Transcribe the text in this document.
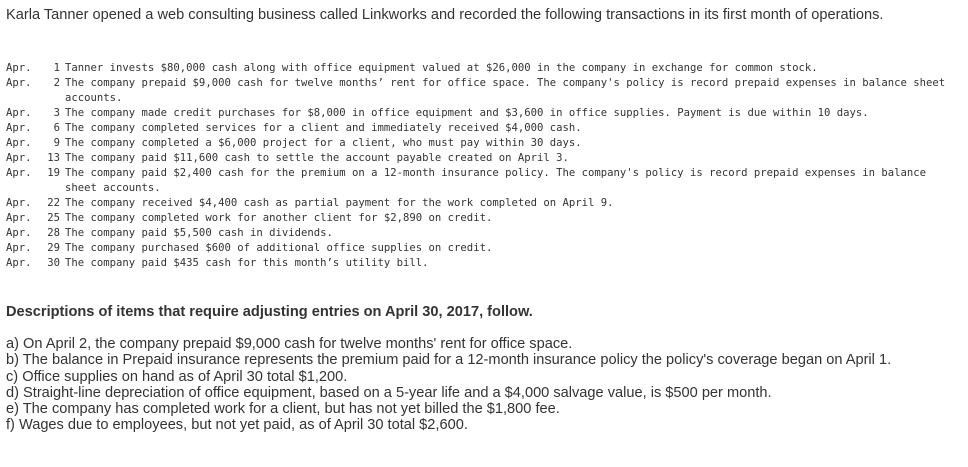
Karla Tanner opened a web consulting business called Linkworks and recorded the following transactions in its first month of operations.

Apr. 1 Tanner invests $80,000 cash along with office equipment valued at $26,000 in the company in exchange for common stock.
Apr. 2 The company prepaid $9,000 cash for twelve months’ rent for office space. The company's policy is record prepaid expenses in balance sheet accounts.
Apr. 3 The company made credit purchases for $8,000 in office equipment and $3,600 in office supplies. Payment is due within 10 days.
Apr. 6 The company completed services for a client and immediately received $4,000 cash.
Apr. 9 The company completed a $6,000 project for a client, who must pay within 30 days.
Apr. 13 The company paid $11,600 cash to settle the account payable created on April 3.
Apr. 19 The company paid $2,400 cash for the premium on a 12-month insurance policy. The company's policy is record prepaid expenses in balance sheet accounts.
Apr. 22 The company received $4,400 cash as partial payment for the work completed on April 9.
Apr. 25 The company completed work for another client for $2,890 on credit.
Apr. 28 The company paid $5,500 cash in dividends.
Apr. 29 The company purchased $600 of additional office supplies on credit.
Apr. 30 The company paid $435 cash for this month’s utility bill.

Descriptions of items that require adjusting entries on April 30, 2017, follow.

a) On April 2, the company prepaid $9,000 cash for twelve months' rent for office space.
b) The balance in Prepaid insurance represents the premium paid for a 12-month insurance policy the policy's coverage began on April 1.
c) Office supplies on hand as of April 30 total $1,200.
d) Straight-line depreciation of office equipment, based on a 5-year life and a $4,000 salvage value, is $500 per month.
e) The company has completed work for a client, but has not yet billed the $1,800 fee.
f) Wages due to employees, but not yet paid, as of April 30 total $2,600.
